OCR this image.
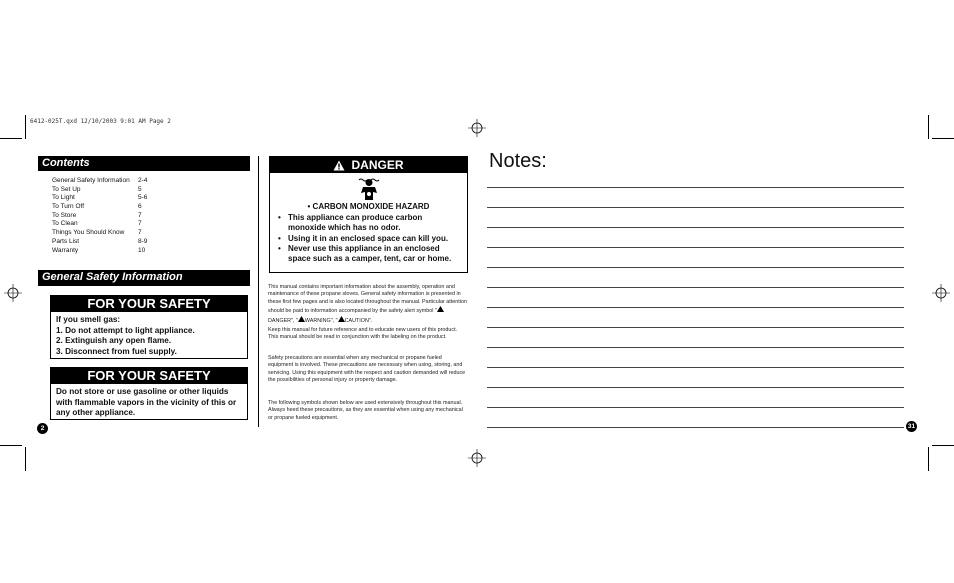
6412-025T.qxd 12/10/2003 9:01 AM Page 2
Contents
General Safety Information 2-4
To Set Up	5
To Light	5-6
To Turn Off	6
To Store	7
To Clean	7
Things You Should Know 7
Parts List	8-9
Warranty	10
General Safety Information
FOR YOUR SAFETY
If you smell gas:
1. Do not attempt to light appliance.
2. Extinguish any open flame.
3. Disconnect from fuel supply.
FOR YOUR SAFETY
Do not store or use gasoline or other liquids with flammable vapors in the vicinity of this or any other appliance.
2
DANGER
• CARBON MONOXIDE HAZARD
• This appliance can produce carbon monoxide which has no odor.
• Using it in an enclosed space can kill you.
• Never use this appliance in an enclosed space such as a camper, tent, car or home.
This manual contains important information about the assembly, operation and maintenance of these propane stoves. General safety information is presented in these first few pages and is also located throughout the manual. Particular attention should be paid to information accompanied by the safety alert symbol "DANGER", " WARNING", " CAUTION".
Keep this manual for future reference and to educate new users of this product. This manual should be read in conjunction with the labeling on the product.
Safety precautions are essential when any mechanical or propane fueled equipment is involved. These precautions are necessary when using, storing, and servicing. Using this equipment with the respect and caution demanded will reduce the possibilities of personal injury or property damage.
The following symbols shown below are used extensively throughout this manual. Always heed these precautions, as they are essential when using any mechanical or propane fueled equipment.
Notes:
31
